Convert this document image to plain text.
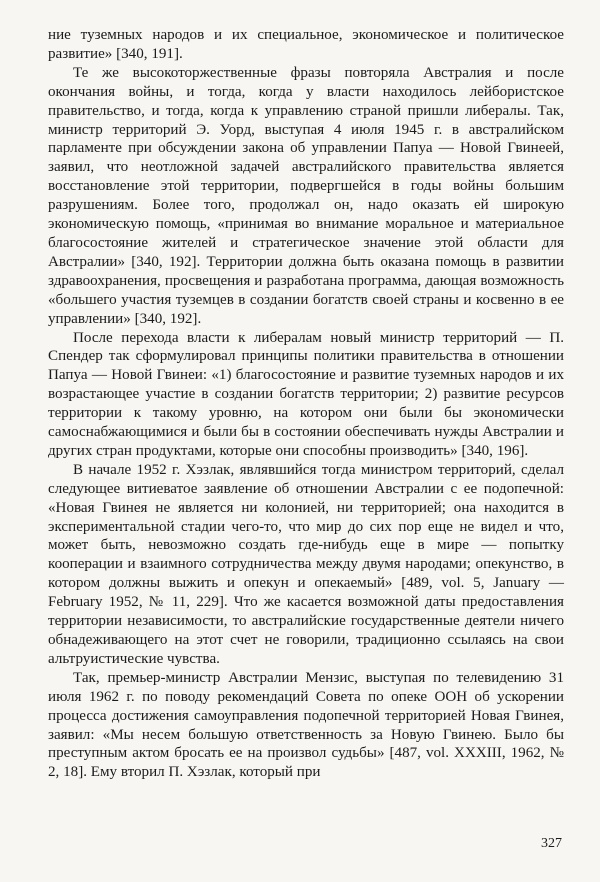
ние туземных народов и их специальное, экономическое и политическое развитие» [340, 191].

Те же высокоторжественные фразы повторяла Австралия и после окончания войны, и тогда, когда у власти находилось лейбористское правительство, и тогда, когда к управлению страной пришли либералы. Так, министр территорий Э. Уорд, выступая 4 июля 1945 г. в австралийском парламенте при обсуждении закона об управлении Папуа — Новой Гвинеей, заявил, что неотложной задачей австралийского правительства является восстановление этой территории, подвергшейся в годы войны большим разрушениям. Более того, продолжал он, надо оказать ей широкую экономическую помощь, «принимая во внимание моральное и материальное благосостояние жителей и стратегическое значение этой области для Австралии» [340, 192]. Территории должна быть оказана помощь в развитии здравоохранения, просвещения и разработана программа, дающая возможность «большего участия туземцев в создании богатств своей страны и косвенно в ее управлении» [340, 192].

После перехода власти к либералам новый министр территорий — П. Спендер так сформулировал принципы политики правительства в отношении Папуа — Новой Гвинеи: «1) благосостояние и развитие туземных народов и их возрастающее участие в создании богатств территории; 2) развитие ресурсов территории к такому уровню, на котором они были бы экономически самоснабжающимися и были бы в состоянии обеспечивать нужды Австралии и других стран продуктами, которые они способны производить» [340, 196].

В начале 1952 г. Хэзлак, являвшийся тогда министром территорий, сделал следующее витиеватое заявление об отношении Австралии с ее подопечной: «Новая Гвинея не является ни колонией, ни территорией; она находится в экспериментальной стадии чего-то, что мир до сих пор еще не видел и что, может быть, невозможно создать где-нибудь еще в мире — попытку кооперации и взаимного сотрудничества между двумя народами; опекунство, в котором должны выжить и опекун и опекаемый» [489, vol. 5, January — February 1952, № 11, 229]. Что же касается возможной даты предоставления территории независимости, то австралийские государственные деятели ничего обнадеживающего на этот счет не говорили, традиционно ссылаясь на свои альтруистические чувства.

Так, премьер-министр Австралии Мензис, выступая по телевидению 31 июля 1962 г. по поводу рекомендаций Совета по опеке ООН об ускорении процесса достижения самоуправления подопечной территорией Новая Гвинея, заявил: «Мы несем большую ответственность за Новую Гвинею. Было бы преступным актом бросать ее на произвол судьбы» [487, vol. XXXIII, 1962, № 2, 18]. Ему вторил П. Хэзлак, который при

327
